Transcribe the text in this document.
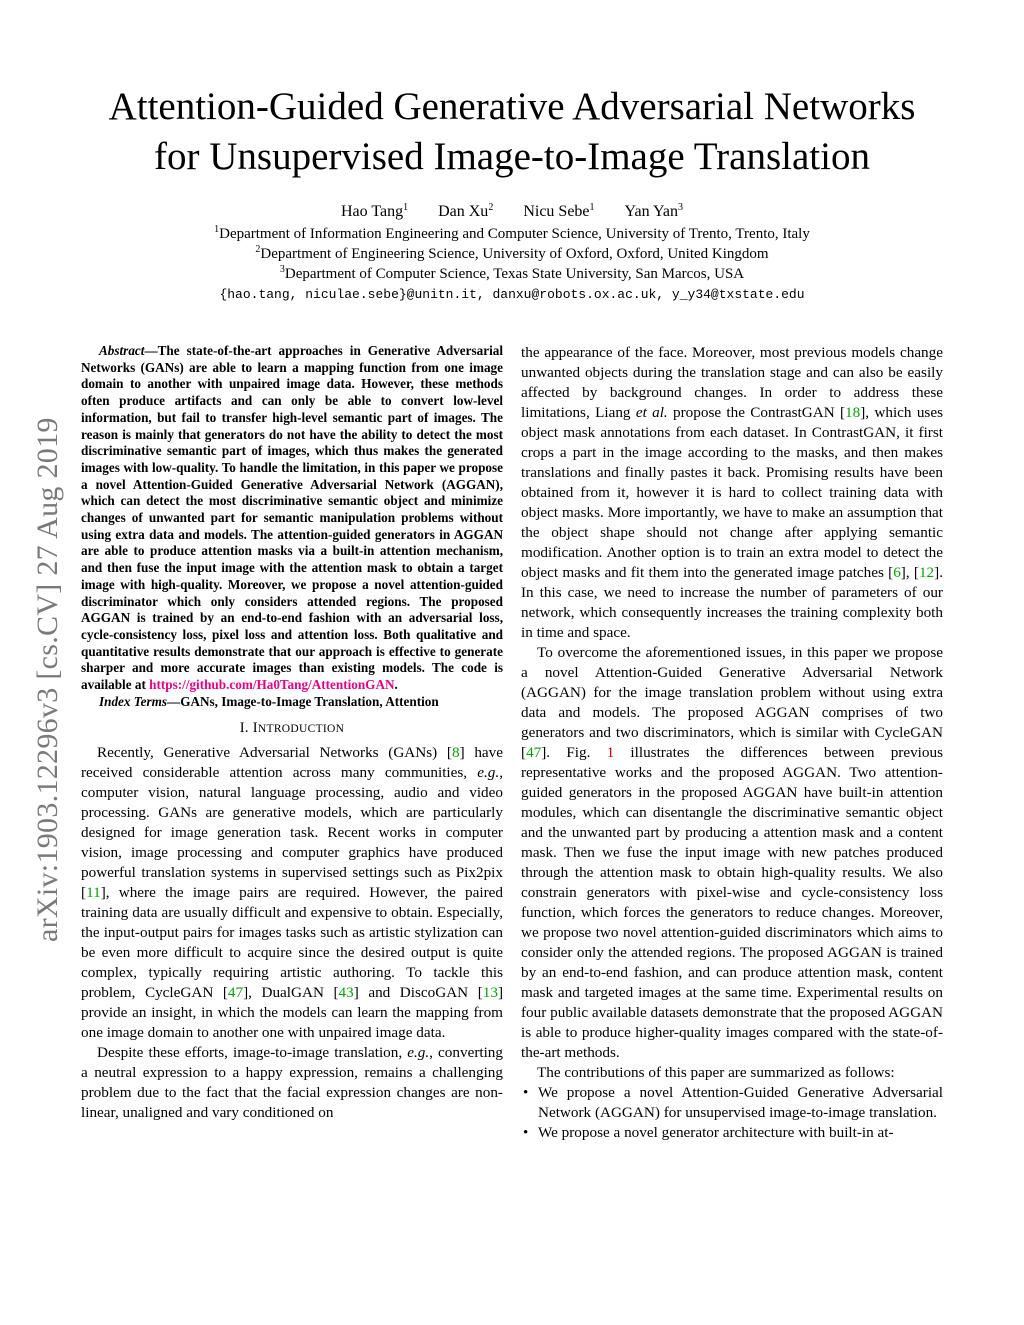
Attention-Guided Generative Adversarial Networks
for Unsupervised Image-to-Image Translation
Hao Tang$^1$ Dan Xu$^2$ Nicu Sebe$^1$ Yan Yan$^3$
$^1$Department of Information Engineering and Computer Science, University of Trento, Trento, Italy
$^2$Department of Engineering Science, University of Oxford, Oxford, United Kingdom
$^3$Department of Computer Science, Texas State University, San Marcos, USA
{hao.tang, niculae.sebe}@unitn.it, danxu@robots.ox.ac.uk, y_y34@txstate.edu
arXiv:1903.12296v3 [cs.CV] 27 Aug 2019

Abstract—The state-of-the-art approaches in Generative Adversarial Networks (GANs) are able to learn a mapping function from one image domain to another with unpaired image data. However, these methods often produce artifacts and can only be able to convert low-level information, but fail to transfer high-level semantic part of images. The reason is mainly that generators do not have the ability to detect the most discriminative semantic part of images, which thus makes the generated images with low-quality. To handle the limitation, in this paper we propose a novel Attention-Guided Generative Adversarial Network (AGGAN), which can detect the most discriminative semantic object and minimize changes of unwanted part for semantic manipulation problems without using extra data and models. The attention-guided generators in AGGAN are able to produce attention masks via a built-in attention mechanism, and then fuse the input image with the attention mask to obtain a target image with high-quality. Moreover, we propose a novel attention-guided discriminator which only considers attended regions. The proposed AGGAN is trained by an end-to-end fashion with an adversarial loss, cycle-consistency loss, pixel loss and attention loss. Both qualitative and quantitative results demonstrate that our approach is effective to generate sharper and more accurate images than existing models. The code is available at https://github.com/Ha0Tang/AttentionGAN.

Index Terms—GANs, Image-to-Image Translation, Attention

I. INTRODUCTION

Recently, Generative Adversarial Networks (GANs) [8] have received considerable attention across many communities, e.g., computer vision, natural language processing, audio and video processing. GANs are generative models, which are particularly designed for image generation task. Recent works in computer vision, image processing and computer graphics have produced powerful translation systems in supervised settings such as Pix2pix [11], where the image pairs are required. However, the paired training data are usually difficult and expensive to obtain. Especially, the input-output pairs for images tasks such as artistic stylization can be even more difficult to acquire since the desired output is quite complex, typically requiring artistic authoring. To tackle this problem, CycleGAN [47], DualGAN [43] and DiscoGAN [13] provide an insight, in which the models can learn the mapping from one image domain to another one with unpaired image data.

Despite these efforts, image-to-image translation, e.g., converting a neutral expression to a happy expression, remains a challenging problem due to the fact that the facial expression changes are non-linear, unaligned and vary conditioned on

the appearance of the face. Moreover, most previous models change unwanted objects during the translation stage and can also be easily affected by background changes. In order to address these limitations, Liang et al. propose the ContrastGAN [18], which uses object mask annotations from each dataset. In ContrastGAN, it first crops a part in the image according to the masks, and then makes translations and finally pastes it back. Promising results have been obtained from it, however it is hard to collect training data with object masks. More importantly, we have to make an assumption that the object shape should not change after applying semantic modification. Another option is to train an extra model to detect the object masks and fit them into the generated image patches [6], [12]. In this case, we need to increase the number of parameters of our network, which consequently increases the training complexity both in time and space.

To overcome the aforementioned issues, in this paper we propose a novel Attention-Guided Generative Adversarial Network (AGGAN) for the image translation problem without using extra data and models. The proposed AGGAN comprises of two generators and two discriminators, which is similar with CycleGAN [47]. Fig. 1 illustrates the differences between previous representative works and the proposed AGGAN. Two attention-guided generators in the proposed AGGAN have built-in attention modules, which can disentangle the discriminative semantic object and the unwanted part by producing a attention mask and a content mask. Then we fuse the input image with new patches produced through the attention mask to obtain high-quality results. We also constrain generators with pixel-wise and cycle-consistency loss function, which forces the generators to reduce changes. Moreover, we propose two novel attention-guided discriminators which aims to consider only the attended regions. The proposed AGGAN is trained by an end-to-end fashion, and can produce attention mask, content mask and targeted images at the same time. Experimental results on four public available datasets demonstrate that the proposed AGGAN is able to produce higher-quality images compared with the state-of-the-art methods.

The contributions of this paper are summarized as follows:

• We propose a novel Attention-Guided Generative Adversarial Network (AGGAN) for unsupervised image-to-image translation.
• We propose a novel generator architecture with built-in at-
